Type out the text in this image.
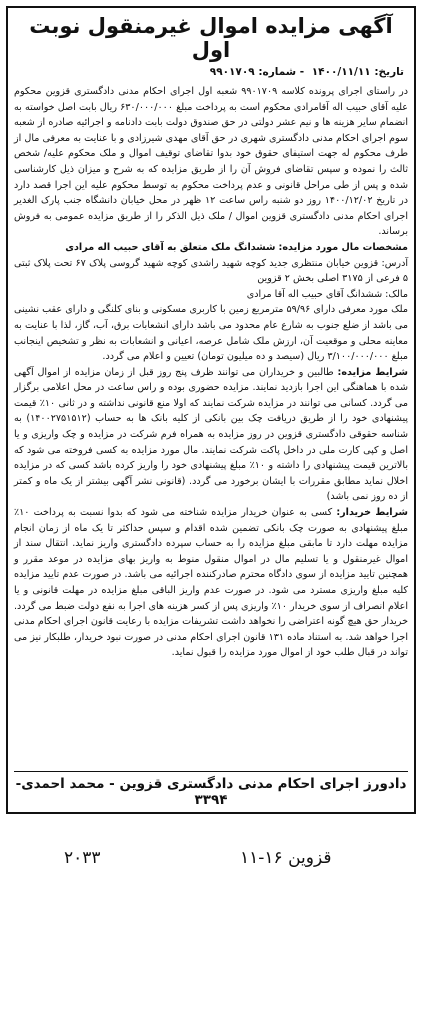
آگهی مزایده اموال غیرمنقول نوبت اول
تاریخ: ۱۴۰۰/۱۱/۱۱ - شماره: ۹۹۰۱۷۰۹

در راستای اجرای پرونده کلاسه ۹۹۰۱۷۰۹ شعبه اول اجرای احکام مدنی دادگستری قزوین محکوم علیه آقای حبیب اله آقامرادی محکوم است به پرداخت مبلغ ۶۳۰/۰۰۰/۰۰۰ ریال بابت اصل خواسته به انضمام سایر هزینه ها و نیم عشر دولتی در حق صندوق دولت بابت دادنامه و اجرائیه صادره از شعبه سوم اجرای احکام مدنی دادگستری شهری در حق آقای مهدی شیرزادی و با عنایت به معرفی مال از طرف محکوم له جهت استیفای حقوق خود بدوا تقاضای توقیف اموال و ملک محکوم علیه/ شخص ثالث را نموده و سپس تقاضای فروش آن را از طریق مزایده که به شرح و میزان ذیل کارشناسی شده و پس از طی مراحل قانونی و عدم پرداخت محکوم به توسط محکوم علیه این اجرا قصد دارد در تاریخ ۱۴۰۰/۱۲/۰۲ روز دو شنبه راس ساعت ۱۲ ظهر در محل خیابان دانشگاه جنب پارک الغدیر اجرای احکام مدنی دادگستری قزوین اموال / ملک ذیل الذکر را از طریق مزایده عمومی به فروش برساند.

مشخصات مال مورد مزایده: ششدانگ ملک متعلق به آقای حبیب اله مرادی

آدرس: قزوین خیابان منتظری جدید کوچه شهید راشدی کوچه شهید گروسی پلاک ۶۷ تحت پلاک ثبتی ۵ فرعی از ۳۱۷۵ اصلی بخش ۲ قزوین

مالک: ششدانگ آقای حبیب اله آقا مرادی

ملک مورد معرفی دارای ۵۹/۹۶ مترمربع زمین با کاربری مسکونی و بنای کلنگی و دارای عقب نشینی می باشد از ضلع جنوب به شارع عام محدود می باشد دارای انشعابات برق، آب، گاز، لذا با عنایت به معاینه محلی و موقعیت آن، ارزش ملک شامل عرصه، اعیانی و انشعابات به نظر و تشخیص اینجانب مبلغ ۳/۱۰۰/۰۰۰/۰۰۰ ریال (سیصد و ده میلیون تومان) تعیین و اعلام می گردد.

شرایط مزایده: طالبین و خریداران می توانند ظرف پنج روز قبل از زمان مزایده از اموال آگهی شده با هماهنگی این اجرا بازدید نمایند. مزایده حضوری بوده و راس ساعت در محل اعلامی برگزار می گردد. کسانی می توانند در مزایده شرکت نمایند که اولا منع قانونی نداشته و در ثانی ۱۰٪ قیمت پیشنهادی خود را از طریق دریافت چک بین بانکی از کلیه بانک ها به حساب (۱۴۰۰۲۷۵۱۵۱۲) به شناسه حقوقی دادگستری قزوین در روز مزایده به همراه فرم شرکت در مزایده و چک واریزی و یا اصل و کپی کارت ملی در داخل پاکت شرکت نمایند. مال مورد مزایده به کسی فروخته می شود که بالاترین قیمت پیشنهادی را داشته و ۱۰٪ مبلغ پیشنهادی خود را واریز کرده باشد کسی که در مزایده اخلال نماید مطابق مقررات با ایشان برخورد می گردد. (قانونی نشر آگهی بیشتر از یک ماه و کمتر از ده روز نمی باشد)

شرایط خریدار: کسی به عنوان خریدار مزایده شناخته می شود که بدوا نسبت به پرداخت ۱۰٪ مبلغ پیشنهادی به صورت چک بانکی تضمین شده اقدام و سپس حداکثر تا یک ماه از زمان انجام مزایده مهلت دارد تا مابقی مبلغ مزایده را به حساب سپرده دادگستری واریز نماید. انتقال سند از اموال غیرمنقول و یا تسلیم مال در اموال منقول منوط به واریز بهای مزایده در موعد مقرر و همچنین تایید مزایده از سوی دادگاه محترم صادرکننده اجرائیه می باشد. در صورت عدم تایید مزایده کلیه مبلغ واریزی مسترد می شود. در صورت عدم واریز الباقی مبلغ مزایده در مهلت قانونی و یا اعلام انصراف از سوی خریدار ۱۰٪ واریزی پس از کسر هزینه های اجرا به نفع دولت ضبط می گردد. خریدار حق هیچ گونه اعتراضی را نخواهد داشت تشریفات مزایده با رعایت قانون اجرای احکام مدنی اجرا خواهد شد. به استناد ماده ۱۳۱ قانون اجرای احکام مدنی در صورت نبود خریدار، طلبکار نیز می تواند در قبال طلب خود از اموال مورد مزایده را قبول نماید.

دادورز اجرای احکام مدنی دادگستری قزوین - محمد احمدی- ۳۳۹۴
قزوین ۱۶-۱۱
۲۰۳۳
